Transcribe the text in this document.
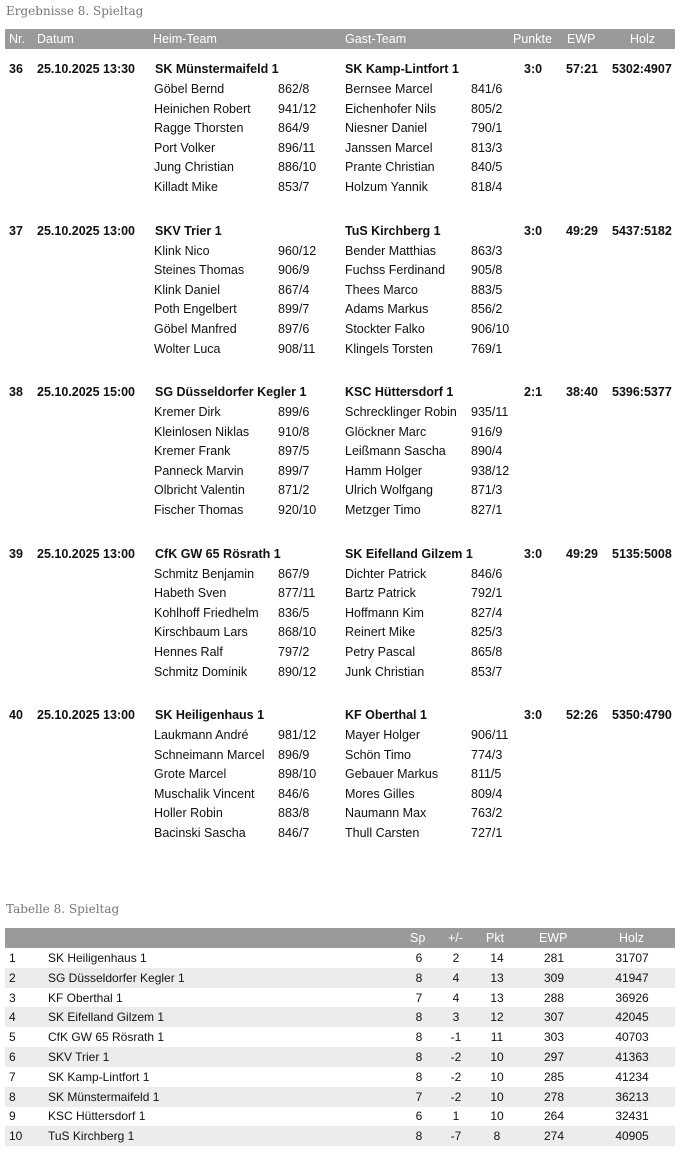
Ergebnisse 8. Spieltag
Nr. Datum	Heim-Team	Gast-Team	Punkte EWP	Holz
36 25.10.2025 13:30 SK Münstermaifeld 1	SK Kamp-Lintfort 1	3:0 57:21 5302:4907
Göbel Bernd	862/8	Bernsee Marcel	841/6
Heinichen Robert 941/12 Eichenhofer Nils	805/2
Ragge Thorsten	864/9	Niesner Daniel	790/1
Port Volker	896/11 Janssen Marcel	813/3
Jung Christian	886/10 Prante Christian	840/5
Killadt Mike	853/7	Holzum Yannik	818/4
37 25.10.2025 13:00 SKV Trier 1	TuS Kirchberg 1	3:0 49:29 5437:5182
Klink Nico	960/12 Bender Matthias	863/3
Steines Thomas	906/9	Fuchss Ferdinand 905/8
Klink Daniel	867/4	Thees Marco	883/5
Poth Engelbert	899/7	Adams Markus	856/2
Göbel Manfred	897/6	Stockter Falko	906/10
Wolter Luca	908/11 Klingels Torsten	769/1
38 25.10.2025 15:00 SG Düsseldorfer Kegler 1	KSC Hüttersdorf 1	2:1 38:40 5396:5377
Kremer Dirk	899/6	Schrecklinger Robin 935/11
Kleinlosen Niklas 910/8	Glöckner Marc	916/9
Kremer Frank	897/5	Leißmann Sascha 890/4
Panneck Marvin	899/7	Hamm Holger	938/12
Olbricht Valentin	871/2	Ulrich Wolfgang	871/3
Fischer Thomas	920/10 Metzger Timo	827/1
39 25.10.2025 13:00 CfK GW 65 Rösrath 1	SK Eifelland Gilzem 1	3:0 49:29 5135:5008
Schmitz Benjamin 867/9	Dichter Patrick	846/6
Habeth Sven	877/11 Bartz Patrick	792/1
Kohlhoff Friedhelm 836/5	Hoffmann Kim	827/4
Kirschbaum Lars 868/10 Reinert Mike	825/3
Hennes Ralf	797/2	Petry Pascal	865/8
Schmitz Dominik 890/12 Junk Christian	853/7
40 25.10.2025 13:00 SK Heiligenhaus 1	KF Oberthal 1	3:0 52:26 5350:4790
Laukmann André 981/12 Mayer Holger	906/11
Schneimann Marcel 896/9	Schön Timo	774/3
Grote Marcel	898/10 Gebauer Markus	811/5
Muschalik Vincent 846/6	Mores Gilles	809/4
Holler Robin	883/8	Naumann Max	763/2
Bacinski Sascha	846/7	Thull Carsten	727/1
Tabelle 8. Spieltag
Sp +/- Pkt	EWP	Holz
1	SK Heiligenhaus 1	6	2	14	281	31707
2	SG Düsseldorfer Kegler 1	8	4	13	309	41947
3	KF Oberthal 1	7	4	13	288	36926
4	SK Eifelland Gilzem 1	8	3	12	307	42045
5	CfK GW 65 Rösrath 1	8	-1	11	303	40703
6	SKV Trier 1	8	-2	10	297	41363
7	SK Kamp-Lintfort 1	8	-2	10	285	41234
8	SK Münstermaifeld 1	7	-2	10	278	36213
9	KSC Hüttersdorf 1	6	1	10	264	32431
10 TuS Kirchberg 1	8	-7	8	274	40905
